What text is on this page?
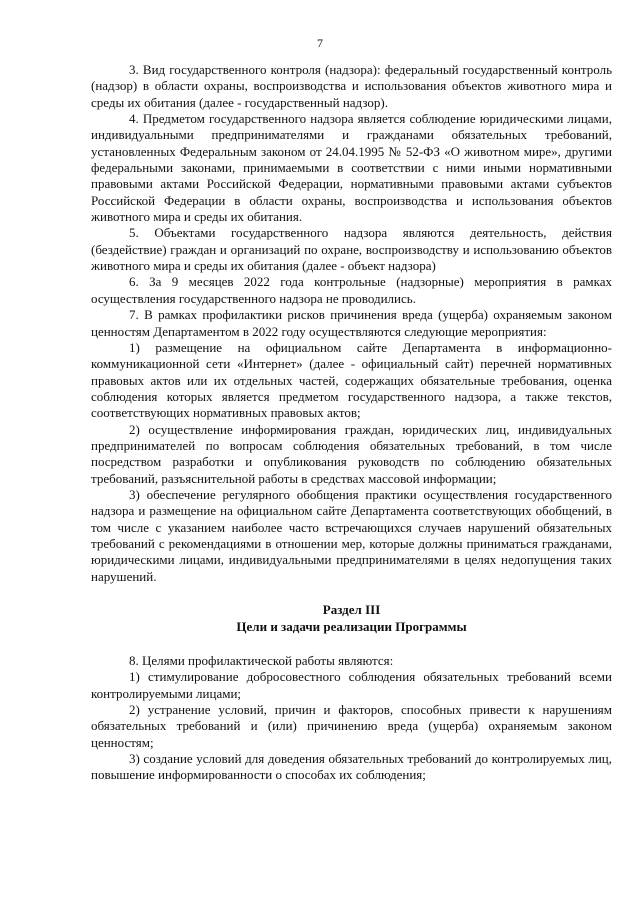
7

3. Вид государственного контроля (надзора): федеральный государственный контроль (надзор) в области охраны, воспроизводства и использования объектов животного мира и среды их обитания (далее - государственный надзор).

4. Предметом государственного надзора является соблюдение юридическими лицами, индивидуальными предпринимателями и гражданами обязательных требований, установленных Федеральным законом от 24.04.1995 № 52-ФЗ «О животном мире», другими федеральными законами, принимаемыми в соответствии с ними иными нормативными правовыми актами Российской Федерации, нормативными правовыми актами субъектов Российской Федерации в области охраны, воспроизводства и использования объектов животного мира и среды их обитания.

5. Объектами государственного надзора являются деятельность, действия (бездействие) граждан и организаций по охране, воспроизводству и использованию объектов животного мира и среды их обитания (далее - объект надзора)

6. За 9 месяцев 2022 года контрольные (надзорные) мероприятия в рамках осуществления государственного надзора не проводились.

7. В рамках профилактики рисков причинения вреда (ущерба) охраняемым законом ценностям Департаментом в 2022 году осуществляются следующие мероприятия:

1) размещение на официальном сайте Департамента в информационно-коммуникационной сети «Интернет» (далее - официальный сайт) перечней нормативных правовых актов или их отдельных частей, содержащих обязательные требования, оценка соблюдения которых является предметом государственного надзора, а также текстов, соответствующих нормативных правовых актов;

2) осуществление информирования граждан, юридических лиц, индивидуальных предпринимателей по вопросам соблюдения обязательных требований, в том числе посредством разработки и опубликования руководств по соблюдению обязательных требований, разъяснительной работы в средствах массовой информации;

3) обеспечение регулярного обобщения практики осуществления государственного надзора и размещение на официальном сайте Департамента соответствующих обобщений, в том числе с указанием наиболее часто встречающихся случаев нарушений обязательных требований с рекомендациями в отношении мер, которые должны приниматься гражданами, юридическими лицами, индивидуальными предпринимателями в целях недопущения таких нарушений.

Раздел III
Цели и задачи реализации Программы

8. Целями профилактической работы являются:

1) стимулирование добросовестного соблюдения обязательных требований всеми контролируемыми лицами;

2) устранение условий, причин и факторов, способных привести к нарушениям обязательных требований и (или) причинению вреда (ущерба) охраняемым законом ценностям;

3) создание условий для доведения обязательных требований до контролируемых лиц, повышение информированности о способах их соблюдения;
